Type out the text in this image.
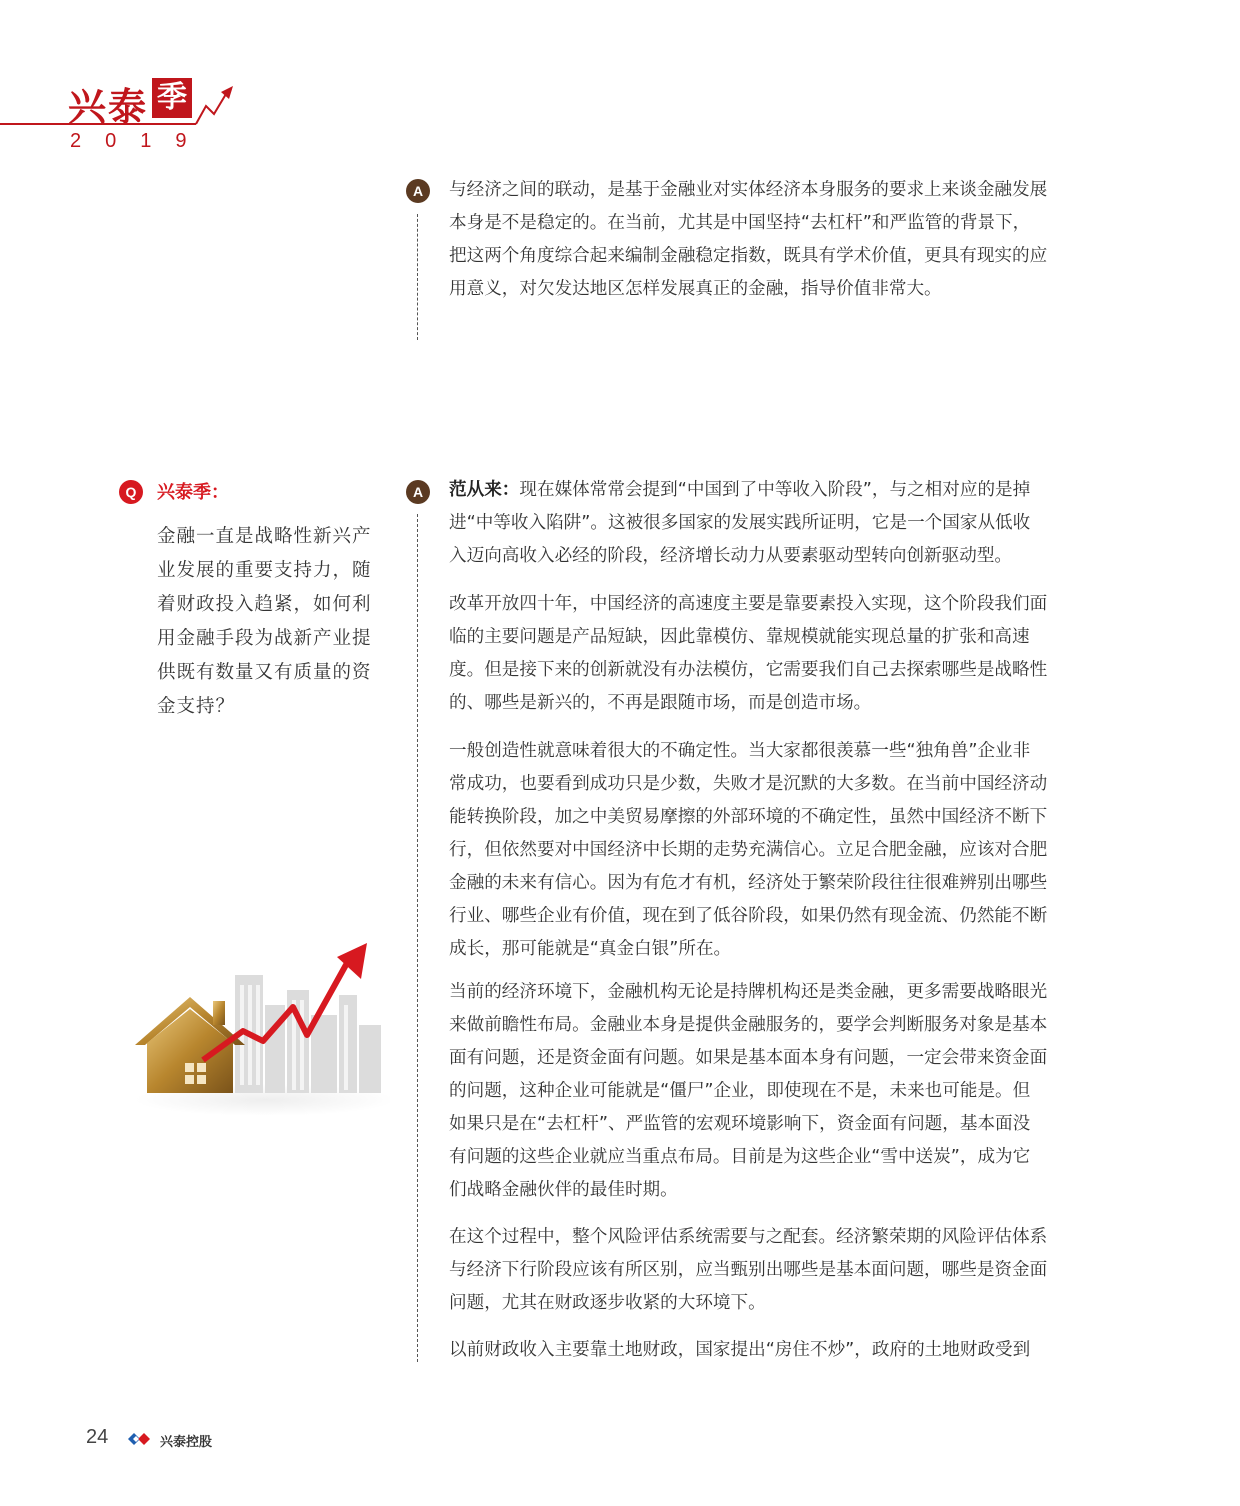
兴泰 季
2019
A	与经济之间的联动，是基于金融业对实体经济本身服务的要求上来谈金融发展
本身是不是稳定的。在当前，尤其是中国坚持“去杠杆”和严监管的背景下，
把这两个角度综合起来编制金融稳定指数，既具有学术价值，更具有现实的应
用意义，对欠发达地区怎样发展真正的金融，指导价值非常大。

Q	兴泰季：

金融一直是战略性新兴产
业发展的重要支持力，随
着财政投入趋紧，如何利
用金融手段为战新产业提
供既有数量又有质量的资
金支持？

A	范从来：现在媒体常常会提到“中国到了中等收入阶段”，与之相对应的是掉
进“中等收入陷阱”。这被很多国家的发展实践所证明，它是一个国家从低收
入迈向高收入必经的阶段，经济增长动力从要素驱动型转向创新驱动型。

改革开放四十年，中国经济的高速度主要是靠要素投入实现，这个阶段我们面
临的主要问题是产品短缺，因此靠模仿、靠规模就能实现总量的扩张和高速
度。但是接下来的创新就没有办法模仿，它需要我们自己去探索哪些是战略性
的、哪些是新兴的，不再是跟随市场，而是创造市场。

一般创造性就意味着很大的不确定性。当大家都很羡慕一些“独角兽”企业非
常成功，也要看到成功只是少数，失败才是沉默的大多数。在当前中国经济动
能转换阶段，加之中美贸易摩擦的外部环境的不确定性，虽然中国经济不断下
行，但依然要对中国经济中长期的走势充满信心。立足合肥金融，应该对合肥
金融的未来有信心。因为有危才有机，经济处于繁荣阶段往往很难辨别出哪些
行业、哪些企业有价值，现在到了低谷阶段，如果仍然有现金流、仍然能不断
成长，那可能就是“真金白银”所在。

当前的经济环境下，金融机构无论是持牌机构还是类金融，更多需要战略眼光
来做前瞻性布局。金融业本身是提供金融服务的，要学会判断服务对象是基本
面有问题，还是资金面有问题。如果是基本面本身有问题，一定会带来资金面
的问题，这种企业可能就是“僵尸”企业，即使现在不是，未来也可能是。但
如果只是在“去杠杆”、严监管的宏观环境影响下，资金面有问题，基本面没
有问题的这些企业就应当重点布局。目前是为这些企业“雪中送炭”，成为它
们战略金融伙伴的最佳时期。

在这个过程中，整个风险评估系统需要与之配套。经济繁荣期的风险评估体系
与经济下行阶段应该有所区别，应当甄别出哪些是基本面问题，哪些是资金面
问题，尤其在财政逐步收紧的大环境下。

以前财政收入主要靠土地财政，国家提出“房住不炒”，政府的土地财政受到

24	兴泰控股
